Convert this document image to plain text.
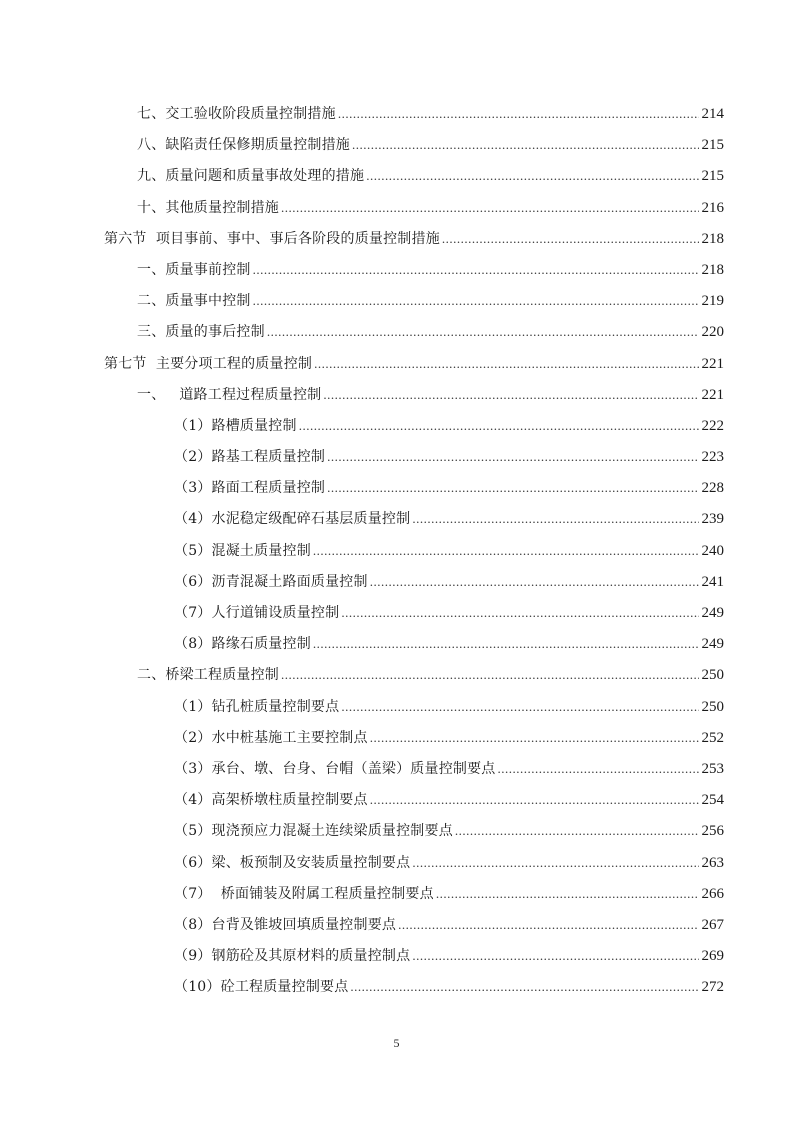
七、交工验收阶段质量控制措施 .....	214
八、缺陷责任保修期质量控制措施 .....	215
九、质量问题和质量事故处理的措施 .....	215
十、其他质量控制措施 .....	216
第六节  项目事前、事中、事后各阶段的质量控制措施 .....	218
一、质量事前控制 .....	218
二、质量事中控制 .....	219
三、质量的事后控制 .....	220
第七节  主要分项工程的质量控制 .....	221
一、   道路工程过程质量控制 .....	221
（1）路槽质量控制 .....	222
（2）路基工程质量控制 .....	223
（3）路面工程质量控制 .....	228
（4）水泥稳定级配碎石基层质量控制 .....	239
（5）混凝土质量控制 .....	240
（6）沥青混凝土路面质量控制 .....	241
（7）人行道铺设质量控制 .....	249
（8）路缘石质量控制 .....	249
二、桥梁工程质量控制 .....	250
（1）钻孔桩质量控制要点 .....	250
（2）水中桩基施工主要控制点 .....	252
（3）承台、墩、台身、台帽（盖梁）质量控制要点 .....	253
（4）高架桥墩柱质量控制要点 .....	254
（5）现浇预应力混凝土连续梁质量控制要点 .....	256
（6）梁、板预制及安装质量控制要点 .....	263
（7）  桥面铺装及附属工程质量控制要点 .....	266
（8）台背及锥坡回填质量控制要点 .....	267
（9）钢筋砼及其原材料的质量控制点 .....	269
（10）砼工程质量控制要点 .....	272
5
